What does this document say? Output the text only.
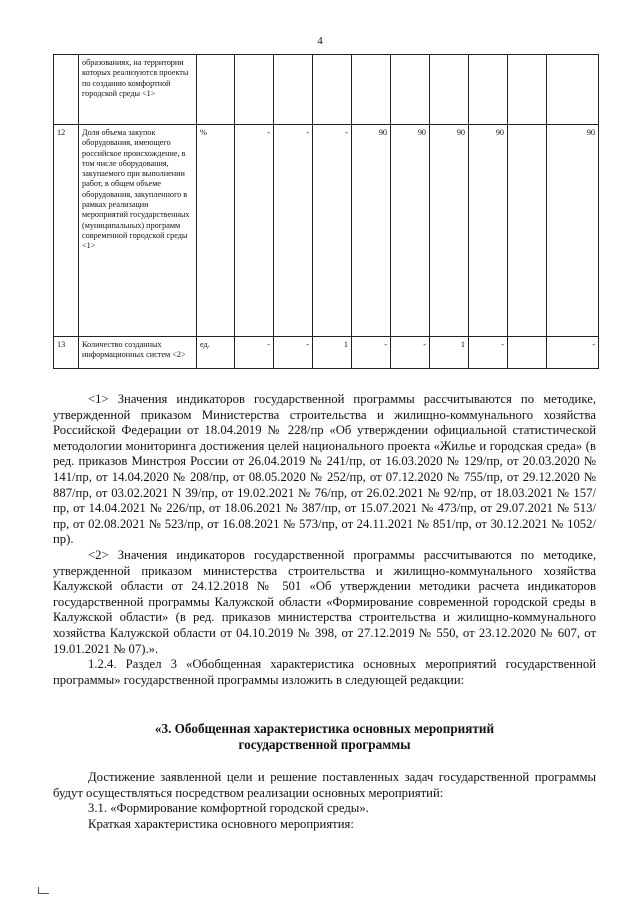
4
	образованиях, на территории которых реализуются проекты по созданию комфортной городской среды <1>										
12	Доля объема закупок оборудования, имеющего российское происхождение, в том числе оборудования, закупаемого при выполнении работ, в общем объеме оборудования, закупленного в рамках реализации мероприятий государственных (муниципальных) программ современной городской среды <1>	%	-	-	-	90	90	90	90		90
13	Количество созданных информационных систем <2>	ед.	-	-	1	-	-	1	-		-

<1> Значения индикаторов государственной программы рассчитываются по методике, утвержденной приказом Министерства строительства и жилищно-коммунального хозяйства Российской Федерации от 18.04.2019 № 228/пр «Об утверждении официальной статистической методологии мониторинга достижения целей национального проекта «Жилье и городская среда» (в ред. приказов Минстроя России от 26.04.2019 № 241/пр, от 16.03.2020 № 129/пр, от 20.03.2020 № 141/пр, от 14.04.2020 № 208/пр, от 08.05.2020 № 252/пр, от 07.12.2020 № 755/пр, от 29.12.2020 № 887/пр, от 03.02.2021 N 39/пр, от 19.02.2021 № 76/пр, от 26.02.2021 № 92/пр, от 18.03.2021 № 157/пр, от 14.04.2021 № 226/пр, от 18.06.2021 № 387/пр, от 15.07.2021 № 473/пр, от 29.07.2021 № 513/пр, от 02.08.2021 № 523/пр, от 16.08.2021 № 573/пр, от 24.11.2021 № 851/пр, от 30.12.2021 № 1052/пр).

<2> Значения индикаторов государственной программы рассчитываются по методике, утвержденной приказом министерства строительства и жилищно-коммунального хозяйства Калужской области от 24.12.2018 № 501 «Об утверждении методики расчета индикаторов государственной программы Калужской области «Формирование современной городской среды в Калужской области» (в ред. приказов министерства строительства и жилищно-коммунального хозяйства Калужской области от 04.10.2019 № 398, от 27.12.2019 № 550, от 23.12.2020 № 607, от 19.01.2021 № 07).».

1.2.4. Раздел 3 «Обобщенная характеристика основных мероприятий государственной программы» государственной программы изложить в следующей редакции:

«3. Обобщенная характеристика основных мероприятий
государственной программы

Достижение заявленной цели и решение поставленных задач государственной программы будут осуществляться посредством реализации основных мероприятий:

3.1. «Формирование комфортной городской среды».

Краткая характеристика основного мероприятия:
